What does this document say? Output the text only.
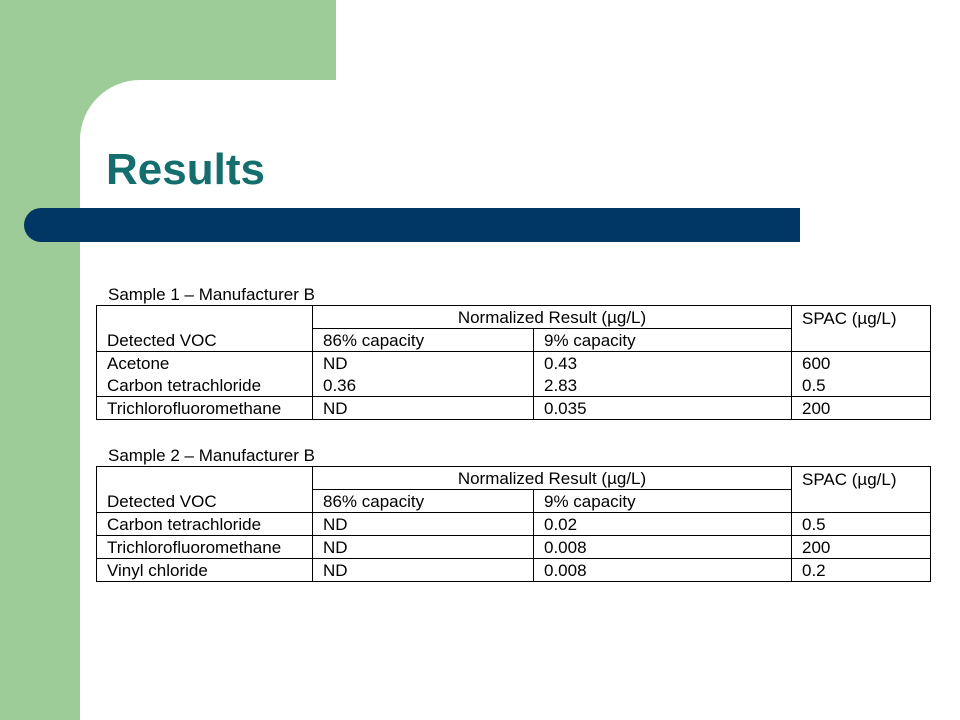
Results
Sample 1 – Manufacturer B
	Normalized Result (µg/L)		SPAC (µg/L)
Detected VOC	86% capacity	9% capacity	
Acetone	ND	0.43	600
Carbon tetrachloride	0.36	2.83	0.5
Trichlorofluoromethane	ND	0.035	200
Sample 2 – Manufacturer B
	Normalized Result (µg/L)		SPAC (µg/L)
Detected VOC	86% capacity	9% capacity	
Carbon tetrachloride	ND	0.02	0.5
Trichlorofluoromethane	ND	0.008	200
Vinyl chloride	ND	0.008	0.2
